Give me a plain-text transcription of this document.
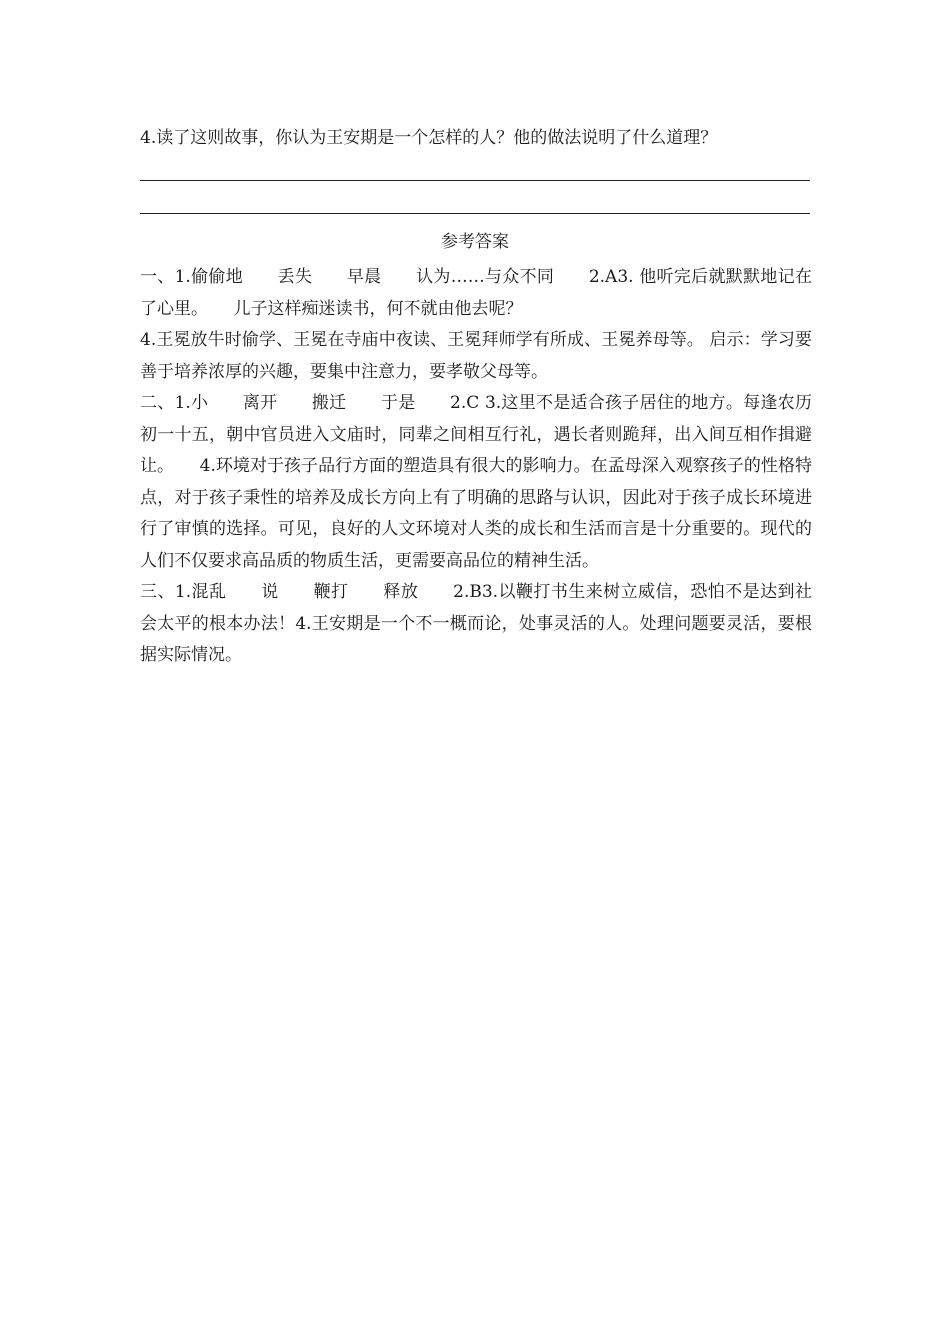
4.读了这则故事，你认为王安期是一个怎样的人？他的做法说明了什么道理？
参考答案

一、1.偷偷地　　丢失　　早晨　　认为……与众不同　　2.A3. 他听完后就默默地记在了心里。　　儿子这样痴迷读书，何不就由他去呢？

4.王冕放牛时偷学、王冕在寺庙中夜读、王冕拜师学有所成、王冕养母等。 启示：学习要善于培养浓厚的兴趣，要集中注意力，要孝敬父母等。

二、1.小　　离开　　搬迁　　于是　　2.C 3.这里不是适合孩子居住的地方。每逢农历初一十五，朝中官员进入文庙时，同辈之间相互行礼，遇长者则跪拜，出入间互相作揖避让。　　4.环境对于孩子品行方面的塑造具有很大的影响力。在孟母深入观察孩子的性格特点，对于孩子秉性的培养及成长方向上有了明确的思路与认识，因此对于孩子成长环境进行了审慎的选择。可见，良好的人文环境对人类的成长和生活而言是十分重要的。现代的人们不仅要求高品质的物质生活，更需要高品位的精神生活。

三、1.混乱　　说　　鞭打　　释放　　2.B3.以鞭打书生来树立威信，恐怕不是达到社会太平的根本办法！4.王安期是一个不一概而论，处事灵活的人。处理问题要灵活，要根据实际情况。
